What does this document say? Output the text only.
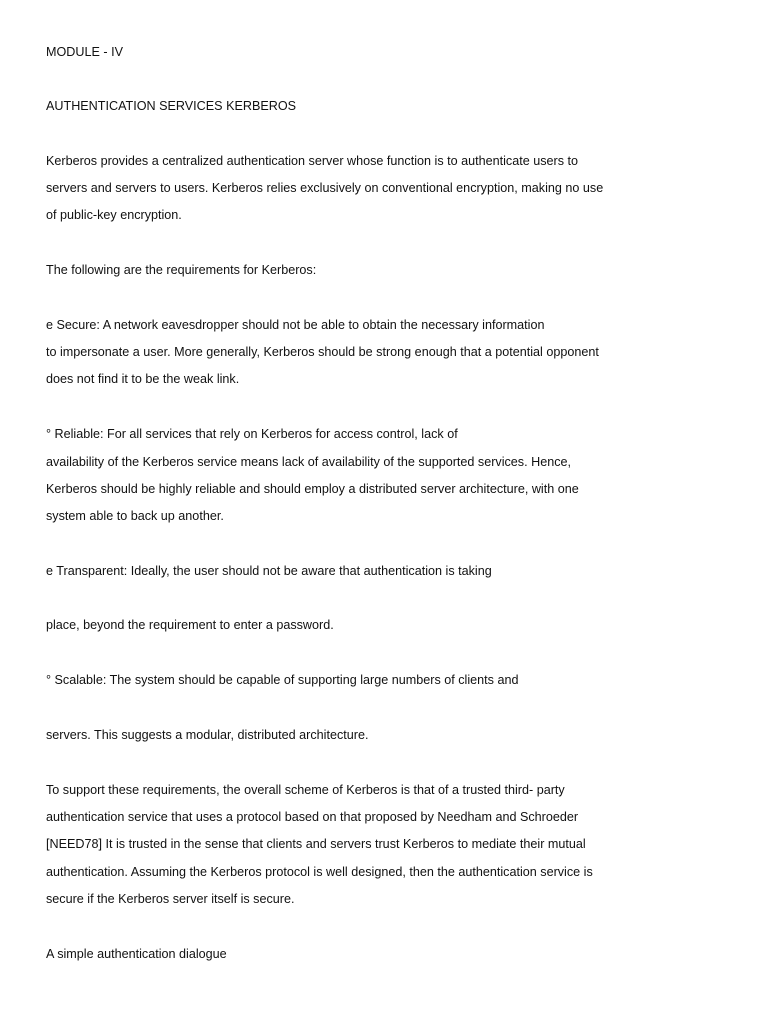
MODULE - IV
AUTHENTICATION SERVICES KERBEROS
Kerberos provides a centralized authentication server whose function is to authenticate users to
servers and servers to users. Kerberos relies exclusively on conventional encryption, making no use
of public-key encryption.
The following are the requirements for Kerberos:
e Secure: A network eavesdropper should not be able to obtain the necessary information
to impersonate a user. More generally, Kerberos should be strong enough that a potential opponent
does not find it to be the weak link.
° Reliable: For all services that rely on Kerberos for access control, lack of
availability of the Kerberos service means lack of availability of the supported services. Hence,
Kerberos should be highly reliable and should employ a distributed server architecture, with one
system able to back up another.
e Transparent: Ideally, the user should not be aware that authentication is taking
place, beyond the requirement to enter a password.
° Scalable: The system should be capable of supporting large numbers of clients and
servers. This suggests a modular, distributed architecture.
To support these requirements, the overall scheme of Kerberos is that of a trusted third- party
authentication service that uses a protocol based on that proposed by Needham and Schroeder
[NEED78] It is trusted in the sense that clients and servers trust Kerberos to mediate their mutual
authentication. Assuming the Kerberos protocol is well designed, then the authentication service is
secure if the Kerberos server itself is secure.
A simple authentication dialogue
